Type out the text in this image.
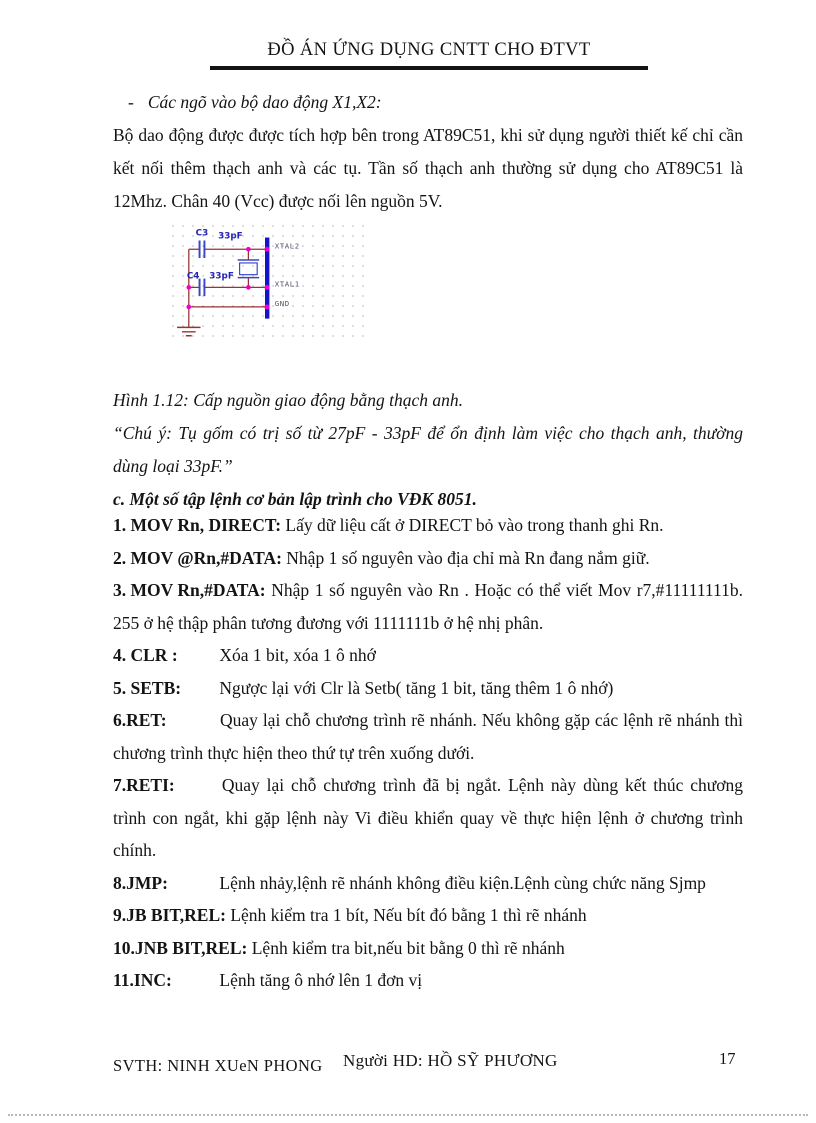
ĐỒ ÁN ỨNG DỤNG CNTT CHO ĐTVT
- Các ngõ vào bộ dao động X1,X2:

Bộ dao động được được tích hợp bên trong AT89C51, khi sử dụng người thiết kế chỉ cần kết nối thêm thạch anh và các tụ. Tần số thạch anh thường sử dụng cho AT89C51 là 12Mhz. Chân 40 (Vcc) được nối lên nguồn 5V.

C3 33pF
C4 33pF
XTAL2
XTAL1
GND

Hình 1.12: Cấp nguồn giao động bằng thạch anh.

“Chú ý: Tụ gốm có trị số từ 27pF - 33pF để ổn định làm việc cho thạch anh, thường dùng loại 33pF.”

c. Một số tập lệnh cơ bản lập trình cho VĐK 8051.

1. MOV Rn, DIRECT: Lấy dữ liệu cất ở DIRECT bỏ vào trong thanh ghi Rn.

2. MOV @Rn,#DATA: Nhập 1 số nguyên vào địa chỉ mà Rn đang nắm giữ.

3. MOV Rn,#DATA: Nhập 1 số nguyên vào Rn . Hoặc có thể viết Mov r7,#11111111b. 255 ở hệ thập phân tương đương với 1111111b ở hệ nhị phân.

4. CLR : Xóa 1 bit, xóa 1 ô nhớ

5. SETB: Ngược lại với Clr là Setb( tăng 1 bit, tăng thêm 1 ô nhớ)

6.RET:	Quay lại chỗ chương trình rẽ nhánh. Nếu không gặp các lệnh rẽ nhánh thì chương trình thực hiện theo thứ tự trên xuống dưới.

7.RETI: Quay lại chỗ chương trình đã bị ngắt. Lệnh này dùng kết thúc chương trình con ngắt, khi gặp lệnh này Vi điều khiển quay về thực hiện lệnh ở chương trình chính.

8.JMP:	Lệnh nhảy,lệnh rẽ nhánh không điều kiện.Lệnh cùng chức năng Sjmp

9.JB BIT,REL: Lệnh kiểm tra 1 bít, Nếu bít đó bằng 1 thì rẽ nhánh

10.JNB BIT,REL: Lệnh kiểm tra bit,nếu bit bằng 0 thì rẽ nhánh

11.INC: Lệnh tăng ô nhớ lên 1 đơn vị

SVTH: NINH XUeN PHONG Người HD: HỒ SỸ PHƯƠNG	17
